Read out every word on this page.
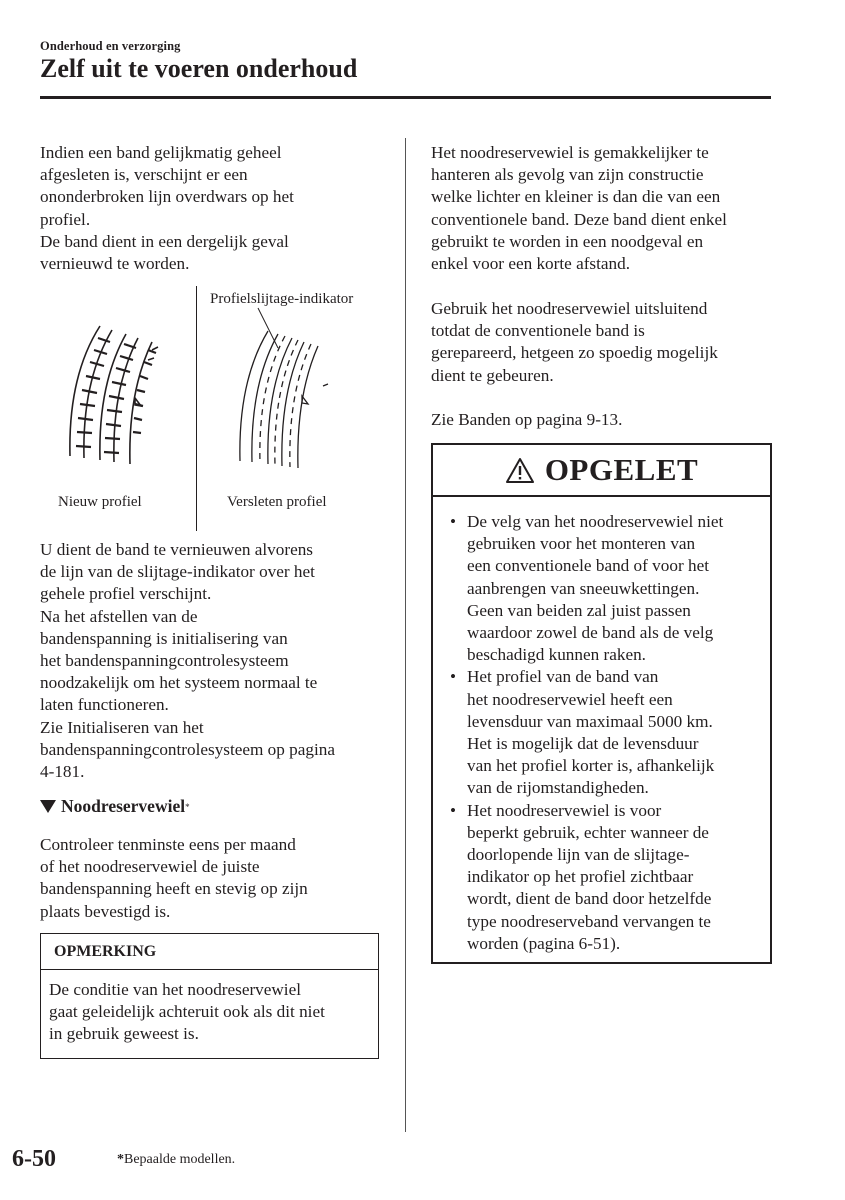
Onderhoud en verzorging
Zelf uit te voeren onderhoud

Indien een band gelijkmatig geheel
afgesleten is, verschijnt er een
ononderbroken lijn overdwars op het
profiel.
De band dient in een dergelijk geval
vernieuwd te worden.

Profielslijtage-indikator
Nieuw profiel	Versleten profiel

U dient de band te vernieuwen alvorens
de lijn van de slijtage-indikator over het
gehele profiel verschijnt.
Na het afstellen van de
bandenspanning is initialisering van
het bandenspanningcontrolesysteem
noodzakelijk om het systeem normaal te
laten functioneren.
Zie Initialiseren van het
bandenspanningcontrolesysteem op pagina
4-181.

Noodreservewiel *

Controleer tenminste eens per maand
of het noodreservewiel de juiste
bandenspanning heeft en stevig op zijn
plaats bevestigd is.

OPMERKING
De conditie van het noodreservewiel
gaat geleidelijk achteruit ook als dit niet
in gebruik geweest is.

Het noodreservewiel is gemakkelijker te
hanteren als gevolg van zijn constructie
welke lichter en kleiner is dan die van een
conventionele band. Deze band dient enkel
gebruikt te worden in een noodgeval en
enkel voor een korte afstand.

Gebruik het noodreservewiel uitsluitend
totdat de conventionele band is
gerepareerd, hetgeen zo spoedig mogelijk
dient te gebeuren.

Zie Banden op pagina 9-13.

OPGELET
• De velg van het noodreservewiel niet
gebruiken voor het monteren van
een conventionele band of voor het
aanbrengen van sneeuwkettingen.
Geen van beiden zal juist passen
waardoor zowel de band als de velg
beschadigd kunnen raken.
• Het profiel van de band van
het noodreservewiel heeft een
levensduur van maximaal 5000 km.
Het is mogelijk dat de levensduur
van het profiel korter is, afhankelijk
van de rijomstandigheden.
• Het noodreservewiel is voor
beperkt gebruik, echter wanneer de
doorlopende lijn van de slijtage-
indikator op het profiel zichtbaar
wordt, dient de band door hetzelfde
type noodreserveband vervangen te
worden (pagina 6-51).
6-50	*Bepaalde modellen.
